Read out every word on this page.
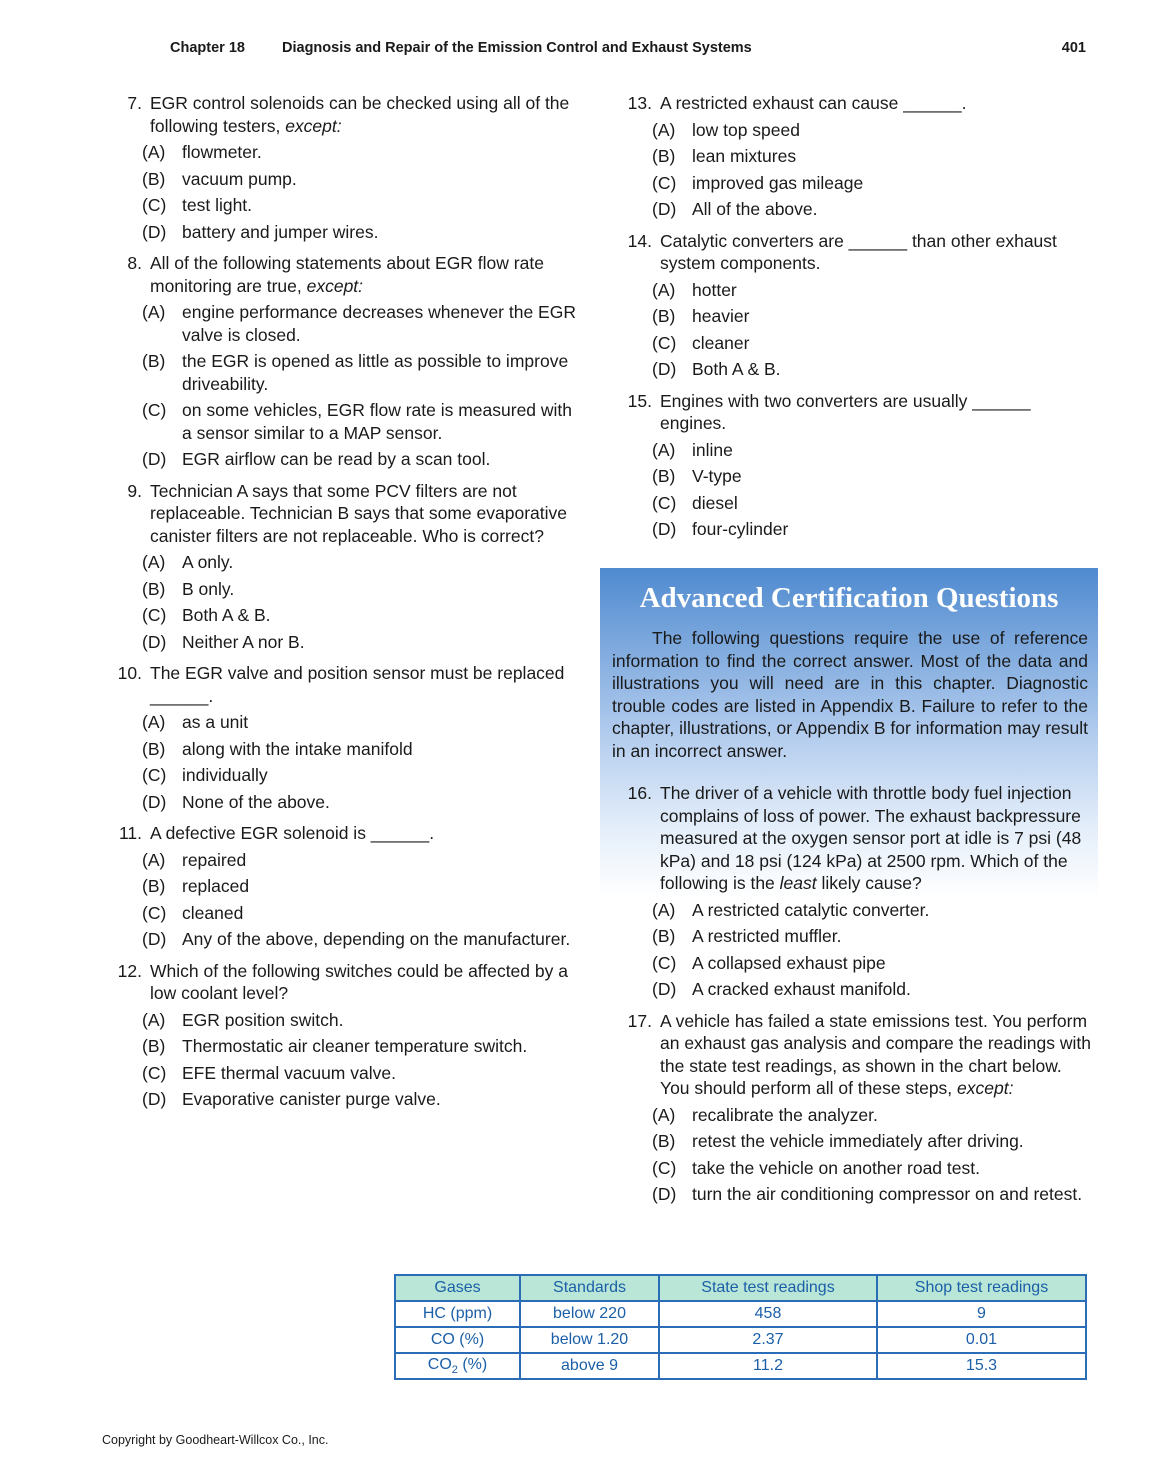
Chapter 18	Diagnosis and Repair of the Emission Control and Exhaust Systems	401
7. EGR control solenoids can be checked using all of the following testers, except:
(A) flowmeter.
(B) vacuum pump.
(C) test light.
(D) battery and jumper wires.
8. All of the following statements about EGR flow rate monitoring are true, except:
(A) engine performance decreases whenever the EGR valve is closed.
(B) the EGR is opened as little as possible to improve driveability.
(C) on some vehicles, EGR flow rate is measured with a sensor similar to a MAP sensor.
(D) EGR airflow can be read by a scan tool.
9. Technician A says that some PCV filters are not replaceable. Technician B says that some evaporative canister filters are not replaceable. Who is correct?
(A) A only.
(B) B only.
(C) Both A & B.
(D) Neither A nor B.
10. The EGR valve and position sensor must be replaced ______.
(A) as a unit
(B) along with the intake manifold
(C) individually
(D) None of the above.
11. A defective EGR solenoid is ______.
(A) repaired
(B) replaced
(C) cleaned
(D) Any of the above, depending on the manufacturer.
12. Which of the following switches could be affected by a low coolant level?
(A) EGR position switch.
(B) Thermostatic air cleaner temperature switch.
(C) EFE thermal vacuum valve.
(D) Evaporative canister purge valve.
13. A restricted exhaust can cause ______.
(A) low top speed
(B) lean mixtures
(C) improved gas mileage
(D) All of the above.
14. Catalytic converters are ______ than other exhaust system components.
(A) hotter
(B) heavier
(C) cleaner
(D) Both A & B.
15. Engines with two converters are usually ______ engines.
(A) inline
(B) V-type
(C) diesel
(D) four-cylinder
Advanced Certification Questions

The following questions require the use of reference information to find the correct answer. Most of the data and illustrations you will need are in this chapter. Diagnostic trouble codes are listed in Appendix B. Failure to refer to the chapter, illustrations, or Appendix B for information may result in an incorrect answer.

16. The driver of a vehicle with throttle body fuel injection complains of loss of power. The exhaust backpressure measured at the oxygen sensor port at idle is 7 psi (48 kPa) and 18 psi (124 kPa) at 2500 rpm. Which of the following is the least likely cause?
(A) A restricted catalytic converter.
(B) A restricted muffler.
(C) A collapsed exhaust pipe
(D) A cracked exhaust manifold.
17. A vehicle has failed a state emissions test. You perform an exhaust gas analysis and compare the readings with the state test readings, as shown in the chart below. You should perform all of these steps, except:
(A) recalibrate the analyzer.
(B) retest the vehicle immediately after driving.
(C) take the vehicle on another road test.
(D) turn the air conditioning compressor on and retest.
Gases	Standards	State test readings	Shop test readings
HC (ppm)	below 220	458	9
CO (%)	below 1.20	2.37	0.01
$CO_2$ (%)	above 9	11.2	15.3
Copyright by Goodheart-Willcox Co., Inc.
